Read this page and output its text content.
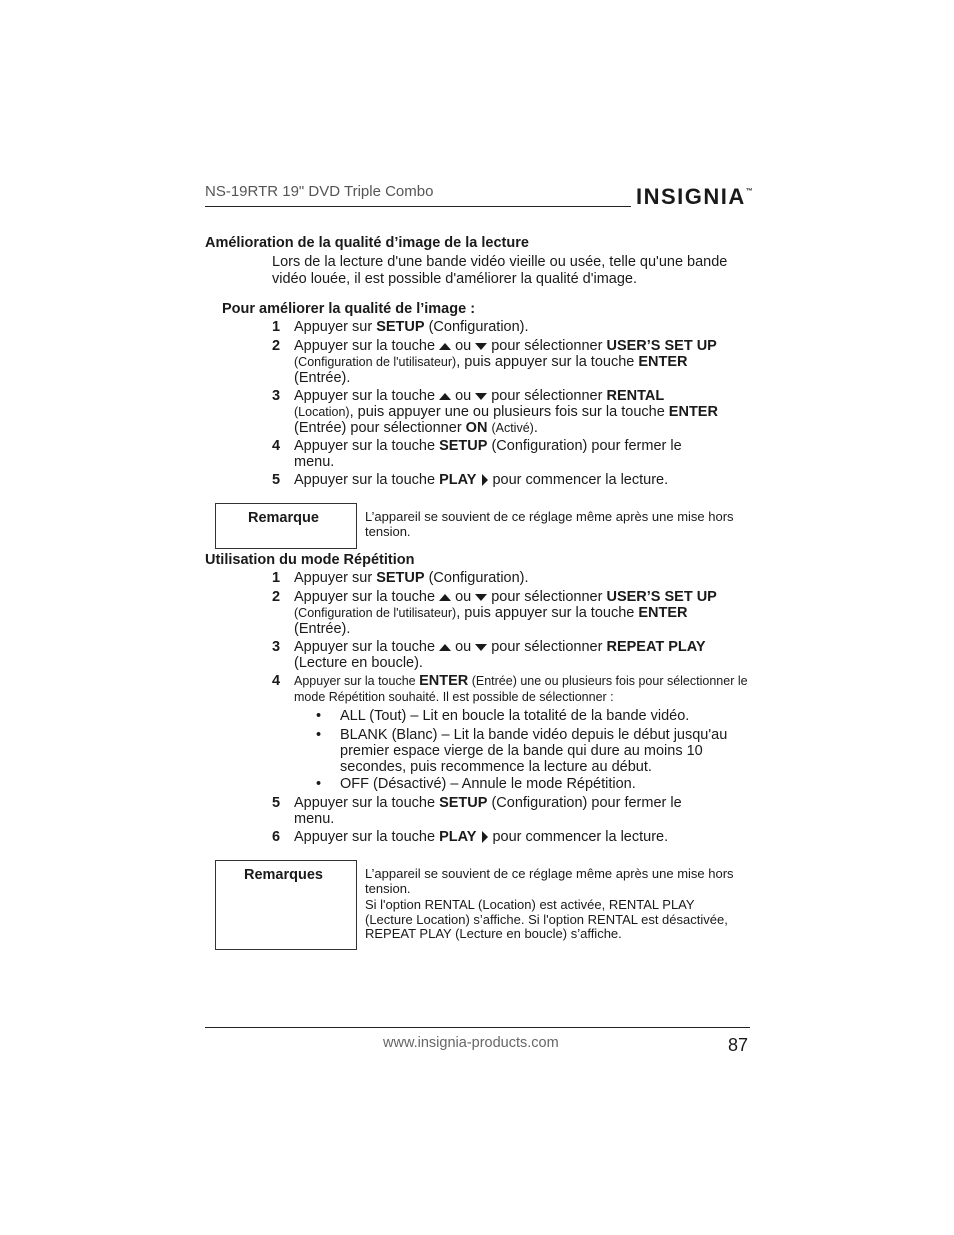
NS-19RTR 19" DVD Triple Combo	INSIGNIA™
Amélioration de la qualité d’image de la lecture
Lors de la lecture d'une bande vidéo vieille ou usée, telle qu'une bande vidéo louée, il est possible d'améliorer la qualité d'image.
Pour améliorer la qualité de l’image :
1 Appuyer sur SETUP (Configuration).
2 Appuyer sur la touche ou pour sélectionner USER’S SET UP (Configuration de l'utilisateur), puis appuyer sur la touche ENTER
(Entrée).
3 Appuyer sur la touche ou pour sélectionner RENTAL
(Location), puis appuyer une ou plusieurs fois sur la touche ENTER
(Entrée) pour sélectionner ON (Activé).
4 Appuyer sur la touche SETUP (Configuration) pour fermer le menu.
5 Appuyer sur la touche PLAY pour commencer la lecture.
Remarque	L’appareil se souvient de ce réglage même après une mise hors tension.
Utilisation du mode Répétition
1 Appuyer sur SETUP (Configuration).
2 Appuyer sur la touche ou pour sélectionner USER’S SET UP
(Configuration de l'utilisateur), puis appuyer sur la touche ENTER
(Entrée).
3 Appuyer sur la touche ou pour sélectionner REPEAT PLAY
(Lecture en boucle).
4 Appuyer sur la touche ENTER (Entrée) une ou plusieurs fois pour sélectionner le mode Répétition souhaité. Il est possible de sélectionner :
• ALL (Tout) – Lit en boucle la totalité de la bande vidéo.
• BLANK (Blanc) – Lit la bande vidéo depuis le début jusqu'au premier espace vierge de la bande qui dure au moins 10 secondes, puis recommence la lecture au début.
• OFF (Désactivé) – Annule le mode Répétition.
5 Appuyer sur la touche SETUP (Configuration) pour fermer le menu.
6 Appuyer sur la touche PLAY pour commencer la lecture.
Remarques	L’appareil se souvient de ce réglage même après une mise hors tension.
Si l'option RENTAL (Location) est activée, RENTAL PLAY (Lecture Location) s’affiche. Si l'option RENTAL est désactivée, REPEAT PLAY (Lecture en boucle) s’affiche.
www.insignia-products.com	87
